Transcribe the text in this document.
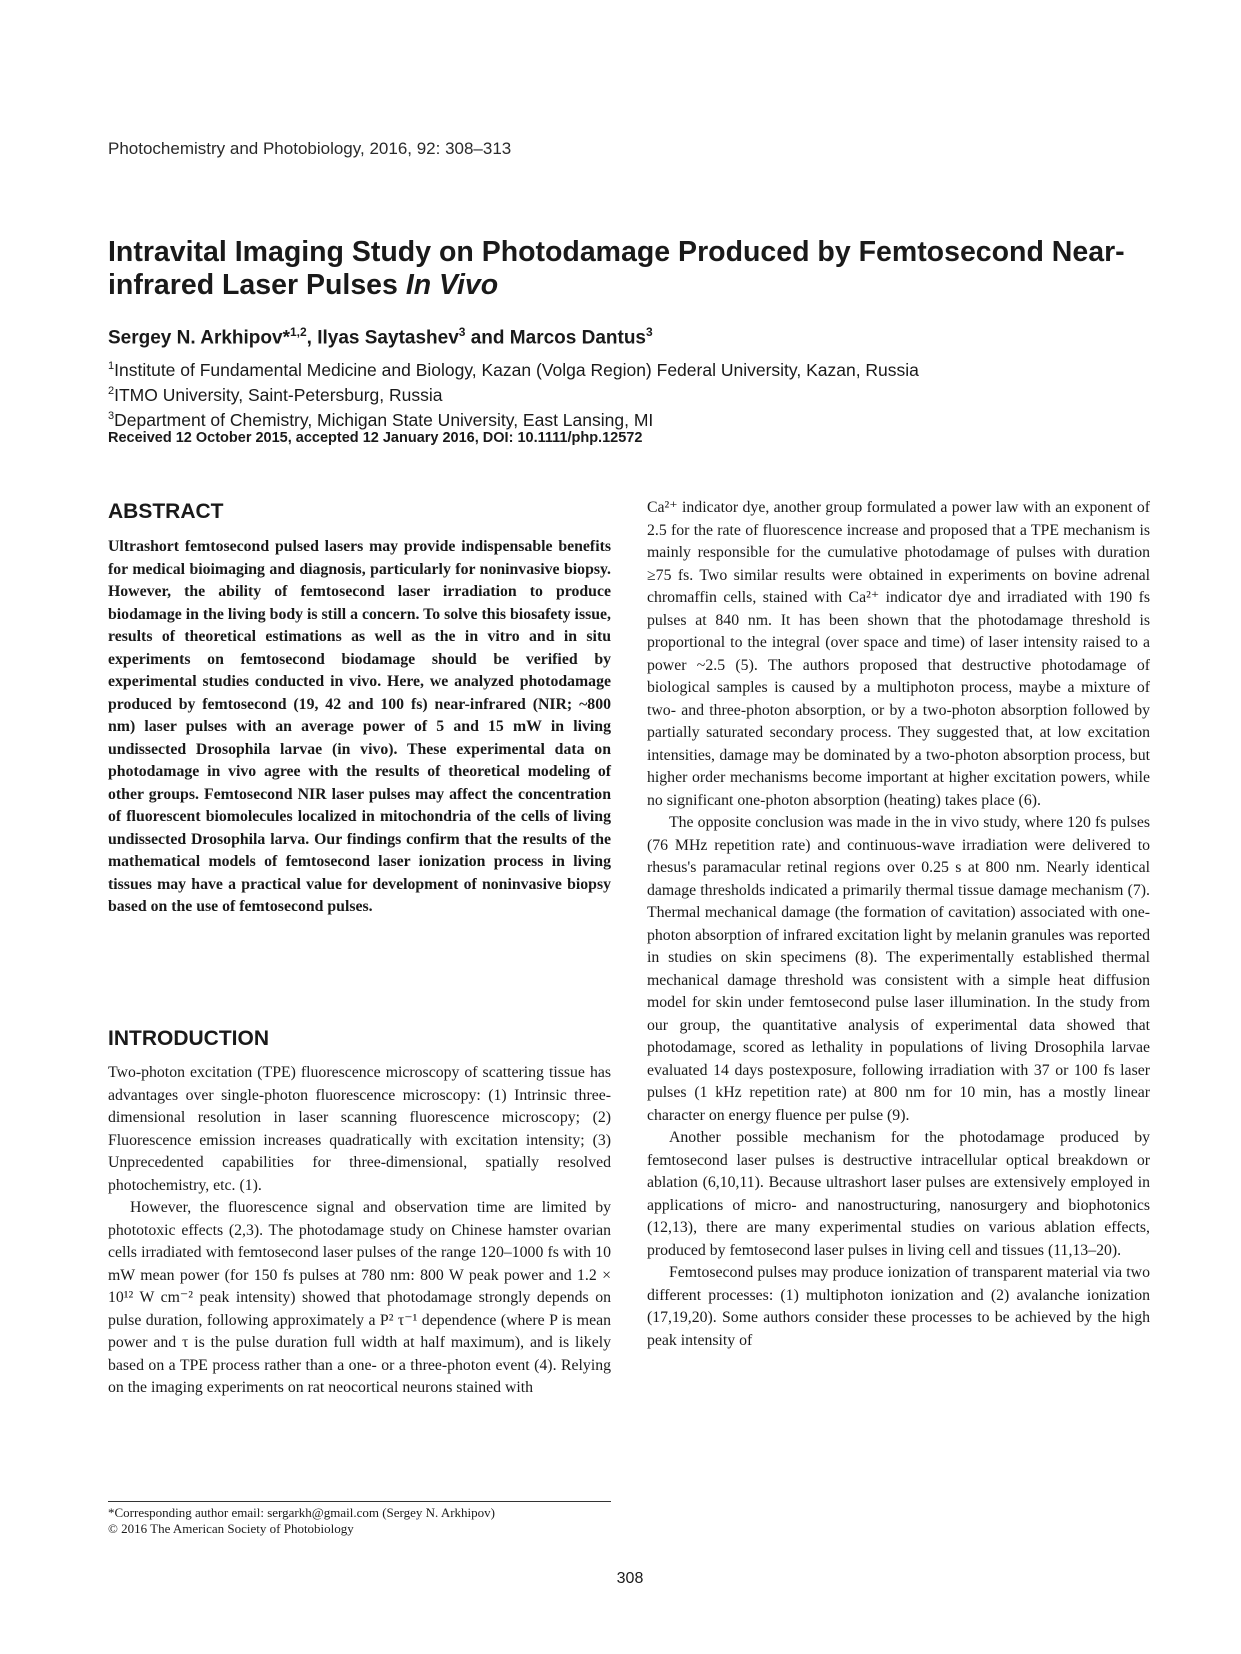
Photochemistry and Photobiology, 2016, 92: 308–313
Intravital Imaging Study on Photodamage Produced by Femtosecond Near-infrared Laser Pulses In Vivo
Sergey N. Arkhipov*$^{1,2}$, Ilyas Saytashev$^3$ and Marcos Dantus$^3$
$^1$Institute of Fundamental Medicine and Biology, Kazan (Volga Region) Federal University, Kazan, Russia
$^2$ITMO University, Saint-Petersburg, Russia
$^3$Department of Chemistry, Michigan State University, East Lansing, MI
Received 12 October 2015, accepted 12 January 2016, DOI: 10.1111/php.12572
ABSTRACT

Ultrashort femtosecond pulsed lasers may provide indispensable benefits for medical bioimaging and diagnosis, particularly for noninvasive biopsy. However, the ability of femtosecond laser irradiation to produce biodamage in the living body is still a concern. To solve this biosafety issue, results of theoretical estimations as well as the in vitro and in situ experiments on femtosecond biodamage should be verified by experimental studies conducted in vivo. Here, we analyzed photodamage produced by femtosecond (19, 42 and 100 fs) near-infrared (NIR; ~800 nm) laser pulses with an average power of 5 and 15 mW in living undissected Drosophila larvae (in vivo). These experimental data on photodamage in vivo agree with the results of theoretical modeling of other groups. Femtosecond NIR laser pulses may affect the concentration of fluorescent biomolecules localized in mitochondria of the cells of living undissected Drosophila larva. Our findings confirm that the results of the mathematical models of femtosecond laser ionization process in living tissues may have a practical value for development of noninvasive biopsy based on the use of femtosecond pulses.

INTRODUCTION

Two-photon excitation (TPE) fluorescence microscopy of scattering tissue has advantages over single-photon fluorescence microscopy: (1) Intrinsic three-dimensional resolution in laser scanning fluorescence microscopy; (2) Fluorescence emission increases quadratically with excitation intensity; (3) Unprecedented capabilities for three-dimensional, spatially resolved photochemistry, etc. (1).

However, the fluorescence signal and observation time are limited by phototoxic effects (2,3). The photodamage study on Chinese hamster ovarian cells irradiated with femtosecond laser pulses of the range 120–1000 fs with 10 mW mean power (for 150 fs pulses at 780 nm: 800 W peak power and 1.2 × 10¹² W cm⁻² peak intensity) showed that photodamage strongly depends on pulse duration, following approximately a P² τ⁻¹ dependence (where P is mean power and τ is the pulse duration full width at half maximum), and is likely based on a TPE process rather than a one- or a three-photon event (4). Relying on the imaging experiments on rat neocortical neurons stained with

Ca²⁺ indicator dye, another group formulated a power law with an exponent of 2.5 for the rate of fluorescence increase and proposed that a TPE mechanism is mainly responsible for the cumulative photodamage of pulses with duration ≥75 fs. Two similar results were obtained in experiments on bovine adrenal chromaffin cells, stained with Ca²⁺ indicator dye and irradiated with 190 fs pulses at 840 nm. It has been shown that the photodamage threshold is proportional to the integral (over space and time) of laser intensity raised to a power ~2.5 (5). The authors proposed that destructive photodamage of biological samples is caused by a multiphoton process, maybe a mixture of two- and three-photon absorption, or by a two-photon absorption followed by partially saturated secondary process. They suggested that, at low excitation intensities, damage may be dominated by a two-photon absorption process, but higher order mechanisms become important at higher excitation powers, while no significant one-photon absorption (heating) takes place (6).

The opposite conclusion was made in the in vivo study, where 120 fs pulses (76 MHz repetition rate) and continuous-wave irradiation were delivered to rhesus's paramacular retinal regions over 0.25 s at 800 nm. Nearly identical damage thresholds indicated a primarily thermal tissue damage mechanism (7). Thermal mechanical damage (the formation of cavitation) associated with one-photon absorption of infrared excitation light by melanin granules was reported in studies on skin specimens (8). The experimentally established thermal mechanical damage threshold was consistent with a simple heat diffusion model for skin under femtosecond pulse laser illumination. In the study from our group, the quantitative analysis of experimental data showed that photodamage, scored as lethality in populations of living Drosophila larvae evaluated 14 days postexposure, following irradiation with 37 or 100 fs laser pulses (1 kHz repetition rate) at 800 nm for 10 min, has a mostly linear character on energy fluence per pulse (9).

Another possible mechanism for the photodamage produced by femtosecond laser pulses is destructive intracellular optical breakdown or ablation (6,10,11). Because ultrashort laser pulses are extensively employed in applications of micro- and nanostructuring, nanosurgery and biophotonics (12,13), there are many experimental studies on various ablation effects, produced by femtosecond laser pulses in living cell and tissues (11,13–20).

Femtosecond pulses may produce ionization of transparent material via two different processes: (1) multiphoton ionization and (2) avalanche ionization (17,19,20). Some authors consider these processes to be achieved by the high peak intensity of

*Corresponding author email: sergarkh@gmail.com (Sergey N. Arkhipov)
© 2016 The American Society of Photobiology
308
